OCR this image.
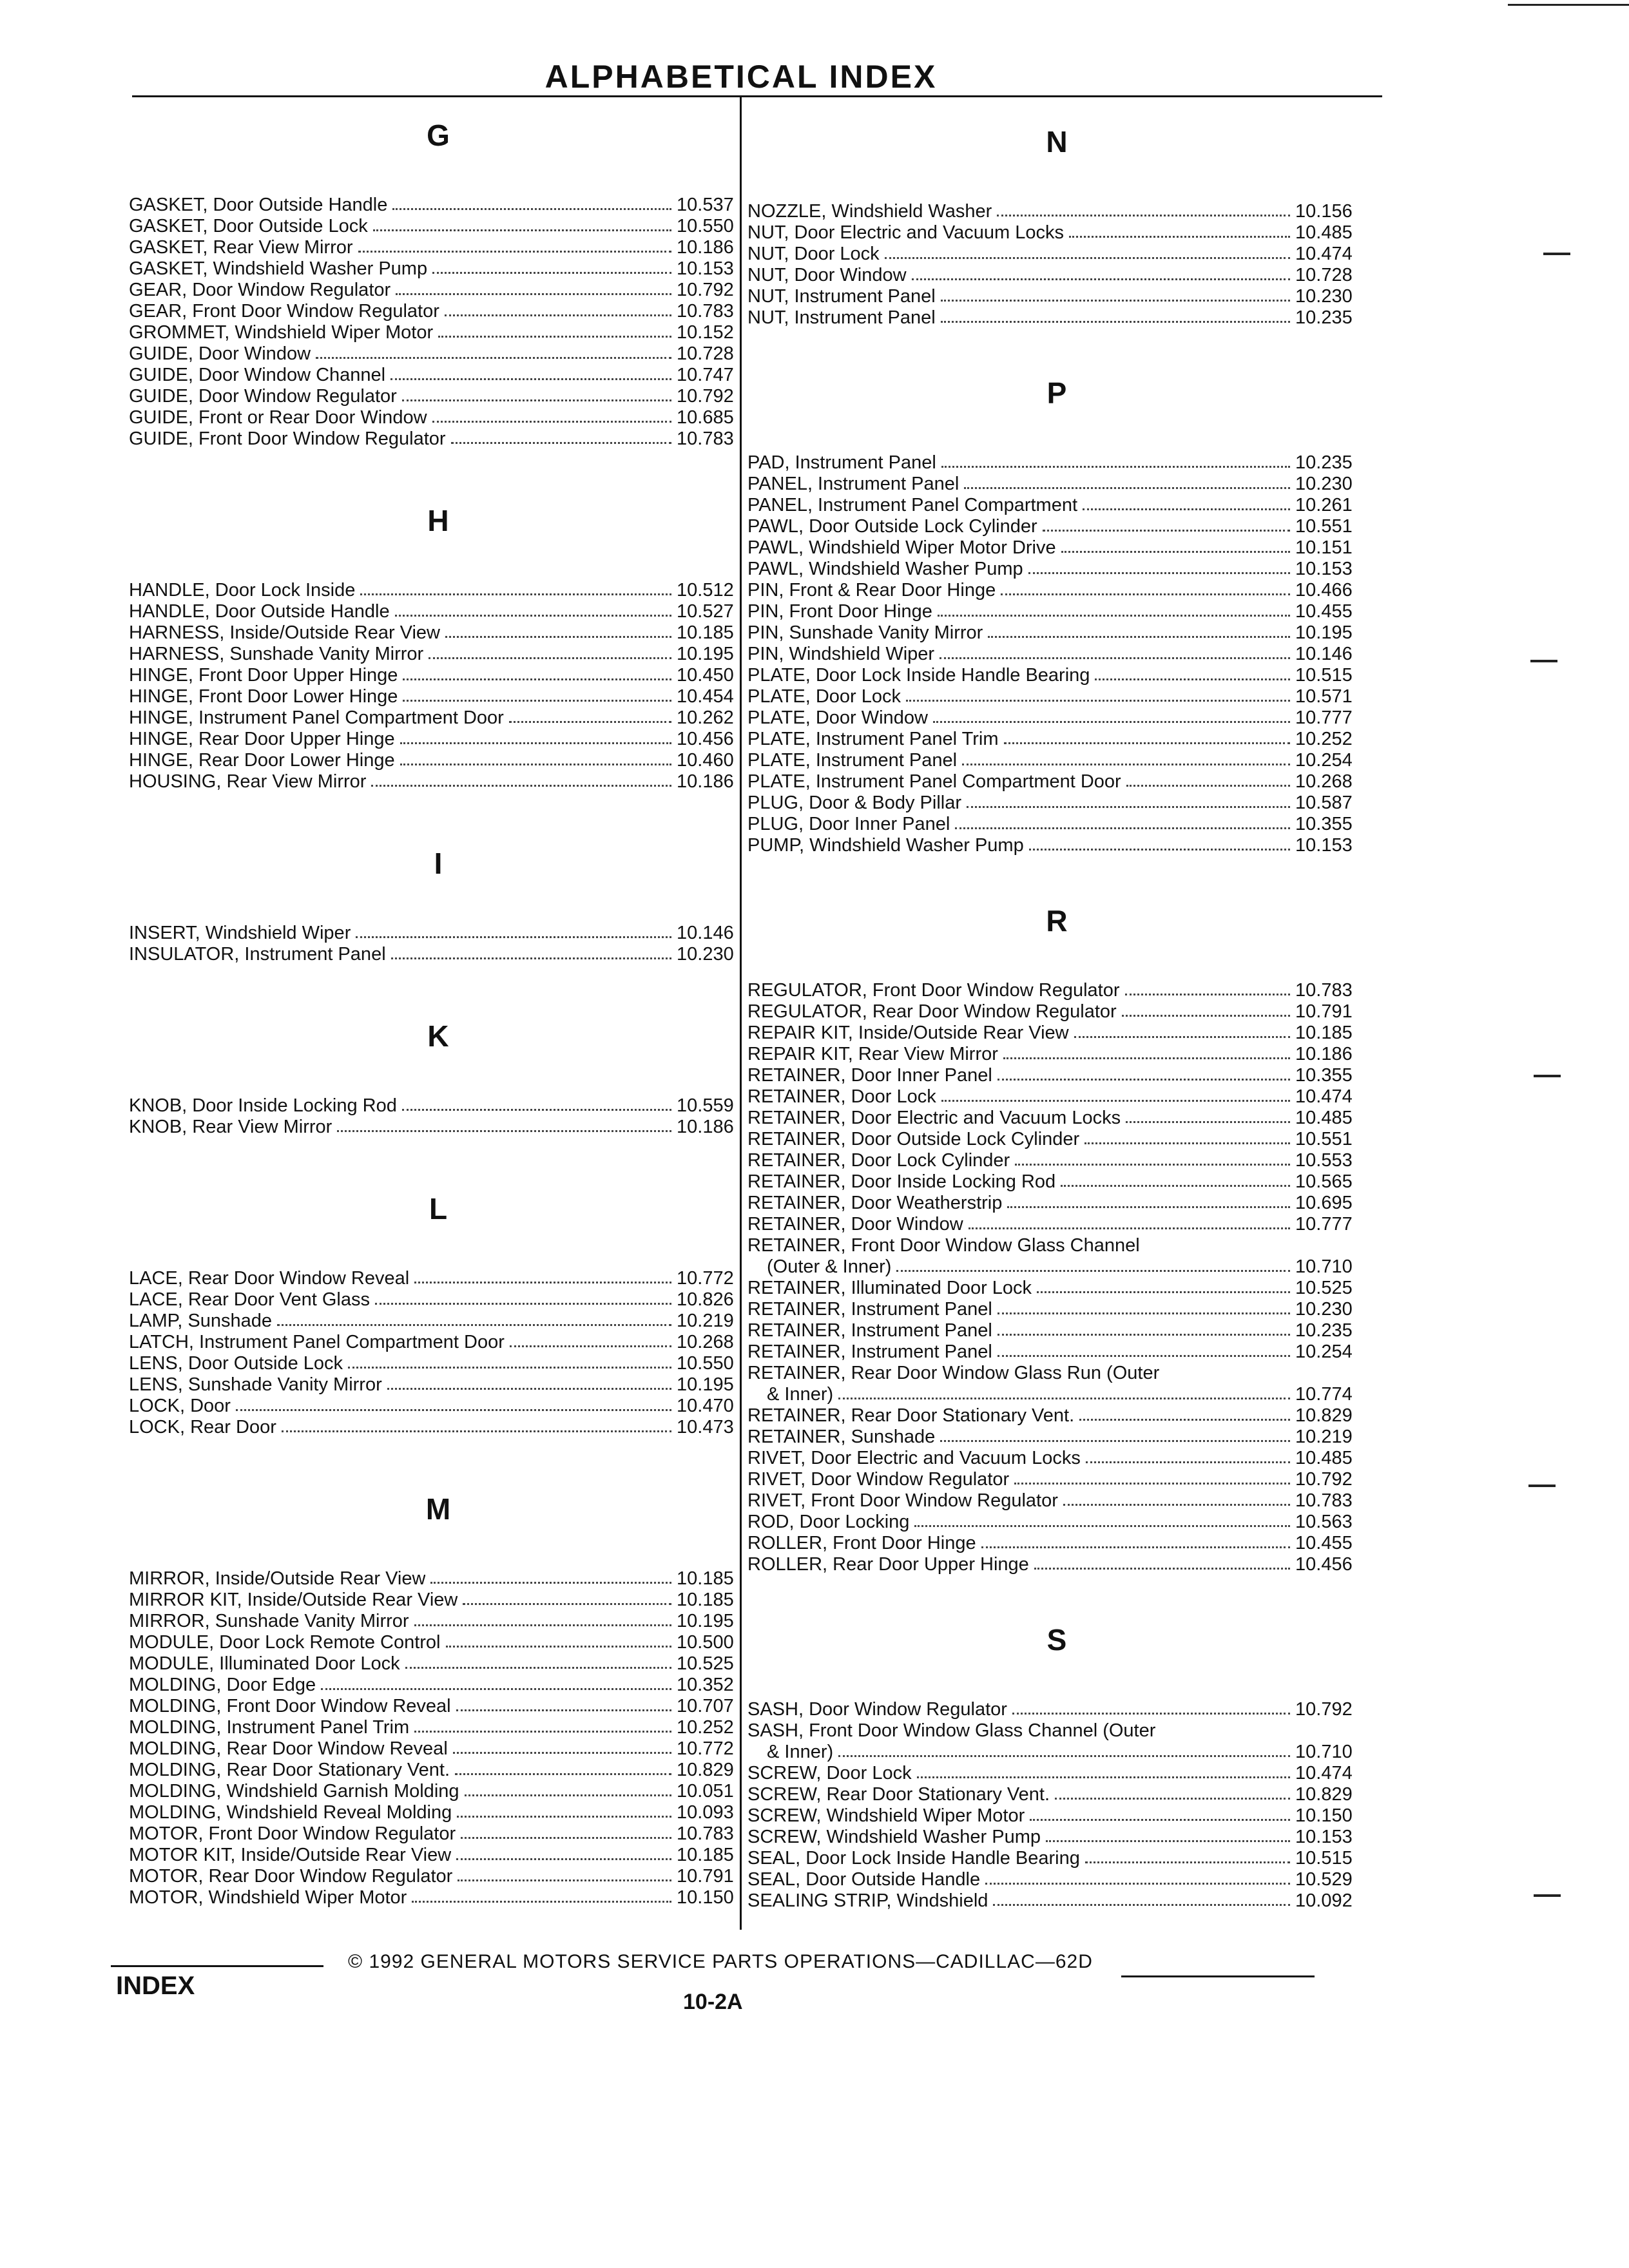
ALPHABETICAL INDEX
G
GASKET, Door Outside Handle	10.537
GASKET, Door Outside Lock	10.550
GASKET, Rear View Mirror	10.186
GASKET, Windshield Washer Pump	10.153
GEAR, Door Window Regulator	10.792
GEAR, Front Door Window Regulator	10.783
GROMMET, Windshield Wiper Motor	10.152
GUIDE, Door Window	10.728
GUIDE, Door Window Channel	10.747
GUIDE, Door Window Regulator	10.792
GUIDE, Front or Rear Door Window	10.685
GUIDE, Front Door Window Regulator	10.783
H
HANDLE, Door Lock Inside	10.512
HANDLE, Door Outside Handle	10.527
HARNESS, Inside/Outside Rear View	10.185
HARNESS, Sunshade Vanity Mirror	10.195
HINGE, Front Door Upper Hinge	10.450
HINGE, Front Door Lower Hinge	10.454
HINGE, Instrument Panel Compartment Door	10.262
HINGE, Rear Door Upper Hinge	10.456
HINGE, Rear Door Lower Hinge	10.460
HOUSING, Rear View Mirror	10.186
I
INSERT, Windshield Wiper	10.146
INSULATOR, Instrument Panel	10.230
K
KNOB, Door Inside Locking Rod	10.559
KNOB, Rear View Mirror	10.186
L
LACE, Rear Door Window Reveal	10.772
LACE, Rear Door Vent Glass	10.826
LAMP, Sunshade	10.219
LATCH, Instrument Panel Compartment Door	10.268
LENS, Door Outside Lock	10.550
LENS, Sunshade Vanity Mirror	10.195
LOCK, Door	10.470
LOCK, Rear Door	10.473
M
MIRROR, Inside/Outside Rear View	10.185
MIRROR KIT, Inside/Outside Rear View	10.185
MIRROR, Sunshade Vanity Mirror	10.195
MODULE, Door Lock Remote Control	10.500
MODULE, Illuminated Door Lock	10.525
MOLDING, Door Edge	10.352
MOLDING, Front Door Window Reveal	10.707
MOLDING, Instrument Panel Trim	10.252
MOLDING, Rear Door Window Reveal	10.772
MOLDING, Rear Door Stationary Vent.	10.829
MOLDING, Windshield Garnish Molding	10.051
MOLDING, Windshield Reveal Molding	10.093
MOTOR, Front Door Window Regulator	10.783
MOTOR KIT, Inside/Outside Rear View	10.185
MOTOR, Rear Door Window Regulator	10.791
MOTOR, Windshield Wiper Motor	10.150
N
NOZZLE, Windshield Washer	10.156
NUT, Door Electric and Vacuum Locks	10.485
NUT, Door Lock	10.474
NUT, Door Window	10.728
NUT, Instrument Panel	10.230
NUT, Instrument Panel	10.235
P
PAD, Instrument Panel	10.235
PANEL, Instrument Panel	10.230
PANEL, Instrument Panel Compartment	10.261
PAWL, Door Outside Lock Cylinder	10.551
PAWL, Windshield Wiper Motor Drive	10.151
PAWL, Windshield Washer Pump	10.153
PIN, Front & Rear Door Hinge	10.466
PIN, Front Door Hinge	10.455
PIN, Sunshade Vanity Mirror	10.195
PIN, Windshield Wiper	10.146
PLATE, Door Lock Inside Handle Bearing	10.515
PLATE, Door Lock	10.571
PLATE, Door Window	10.777
PLATE, Instrument Panel Trim	10.252
PLATE, Instrument Panel	10.254
PLATE, Instrument Panel Compartment Door	10.268
PLUG, Door & Body Pillar	10.587
PLUG, Door Inner Panel	10.355
PUMP, Windshield Washer Pump	10.153
R
REGULATOR, Front Door Window Regulator	10.783
REGULATOR, Rear Door Window Regulator	10.791
REPAIR KIT, Inside/Outside Rear View	10.185
REPAIR KIT, Rear View Mirror	10.186
RETAINER, Door Inner Panel	10.355
RETAINER, Door Lock	10.474
RETAINER, Door Electric and Vacuum Locks	10.485
RETAINER, Door Outside Lock Cylinder	10.551
RETAINER, Door Lock Cylinder	10.553
RETAINER, Door Inside Locking Rod	10.565
RETAINER, Door Weatherstrip	10.695
RETAINER, Door Window	10.777
RETAINER, Front Door Window Glass Channel
(Outer & Inner)	10.710
RETAINER, Illuminated Door Lock	10.525
RETAINER, Instrument Panel	10.230
RETAINER, Instrument Panel	10.235
RETAINER, Instrument Panel	10.254
RETAINER, Rear Door Window Glass Run (Outer
& Inner)	10.774
RETAINER, Rear Door Stationary Vent.	10.829
RETAINER, Sunshade	10.219
RIVET, Door Electric and Vacuum Locks	10.485
RIVET, Door Window Regulator	10.792
RIVET, Front Door Window Regulator	10.783
ROD, Door Locking	10.563
ROLLER, Front Door Hinge	10.455
ROLLER, Rear Door Upper Hinge	10.456
S
SASH, Door Window Regulator	10.792
SASH, Front Door Window Glass Channel (Outer
& Inner)	10.710
SCREW, Door Lock	10.474
SCREW, Rear Door Stationary Vent.	10.829
SCREW, Windshield Wiper Motor	10.150
SCREW, Windshield Washer Pump	10.153
SEAL, Door Lock Inside Handle Bearing	10.515
SEAL, Door Outside Handle	10.529
SEALING STRIP, Windshield	10.092
© 1992 GENERAL MOTORS SERVICE PARTS OPERATIONS—CADILLAC—62D
INDEX
10-2A
